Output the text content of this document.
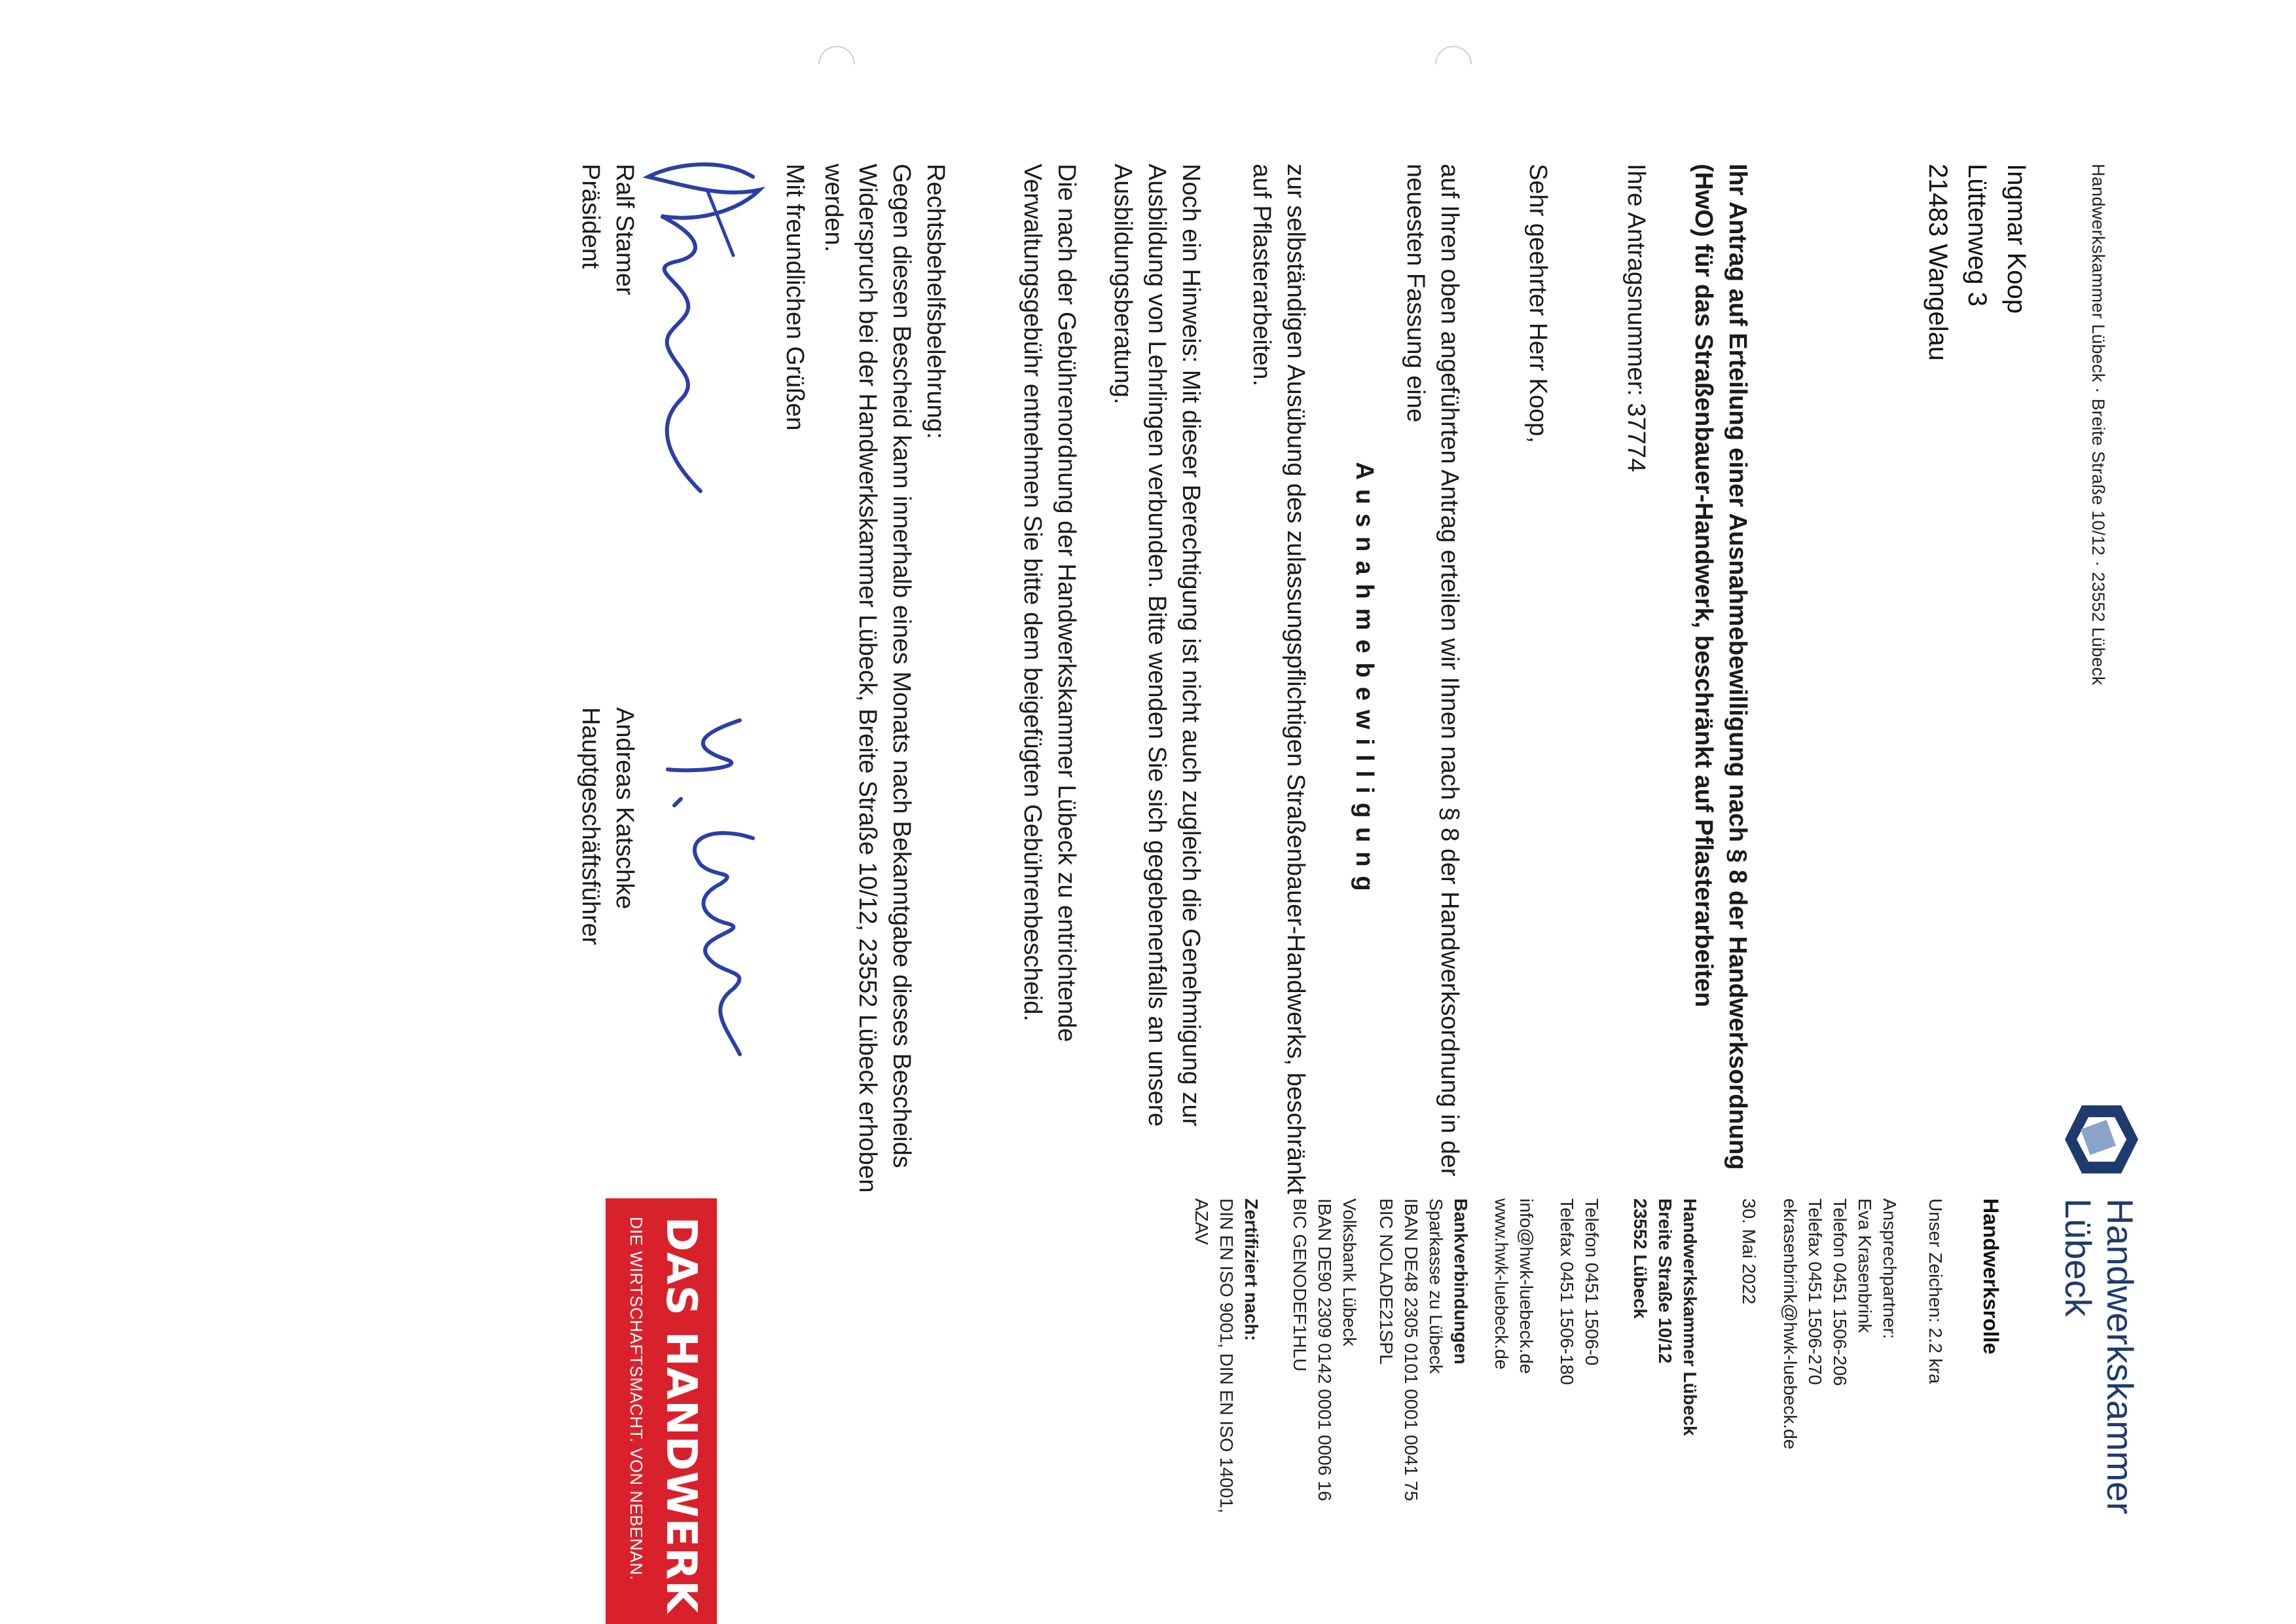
Handwerkskammer Lübeck · Breite Straße 10/12 · 23552 Lübeck
Ingmar Koop
Lüttenweg 3
21483 Wangelau
Ihr Antrag auf Erteilung einer Ausnahmebewilligung nach § 8 der Handwerksordnung (HwO) für das Straßenbauer-Handwerk, beschränkt auf Pflasterarbeiten
Ihre Antragsnummer: 37774
Sehr geehrter Herr Koop,
auf Ihren oben angeführten Antrag erteilen wir Ihnen nach § 8 der Handwerksordnung in der neuesten Fassung eine
Ausnahmebewilligung
zur selbständigen Ausübung des zulassungspflichtigen Straßenbauer-Handwerks, beschränkt auf Pflasterarbeiten.
Noch ein Hinweis: Mit dieser Berechtigung ist nicht auch zugleich die Genehmigung zur Ausbildung von Lehrlingen verbunden. Bitte wenden Sie sich gegebenenfalls an unsere Ausbildungsberatung.
Die nach der Gebührenordnung der Handwerkskammer Lübeck zu entrichtende Verwaltungsgebühr entnehmen Sie bitte dem beigefügten Gebührenbescheid.
Rechtsbehelfsbelehrung:
Gegen diesen Bescheid kann innerhalb eines Monats nach Bekanntgabe dieses Bescheids Widerspruch bei der Handwerkskammer Lübeck, Breite Straße 10/12, 23552 Lübeck erhoben werden.
Mit freundlichen Grüßen
Ralf Stamer
Präsident
Andreas Katschke
Hauptgeschäftsführer
Handwerkskammer
Lübeck
Handwerksrolle
Unser Zeichen: 2.2 kra
Ansprechpartner:
Eva Krasenbrink
Telefon 0451 1506-206
Telefax 0451 1506-270
ekrasenbrink@hwk-luebeck.de
30. Mai 2022
Handwerkskammer Lübeck
Breite Straße 10/12
23552 Lübeck
Telefon 0451 1506-0
Telefax 0451 1506-180
info@hwk-luebeck.de
www.hwk-luebeck.de
Bankverbindungen
Sparkasse zu Lübeck
IBAN DE48 2305 0101 0001 0041 75
BIC NOLADE21SPL
Volksbank Lübeck
IBAN DE90 2309 0142 0001 0006 16
BIC GENODEF1HLU
Zertifiziert nach:
DIN EN ISO 9001, DIN EN ISO 14001,
AZAV
DAS HANDWERK
DIE WIRTSCHAFTSMACHT. VON NEBENAN.
